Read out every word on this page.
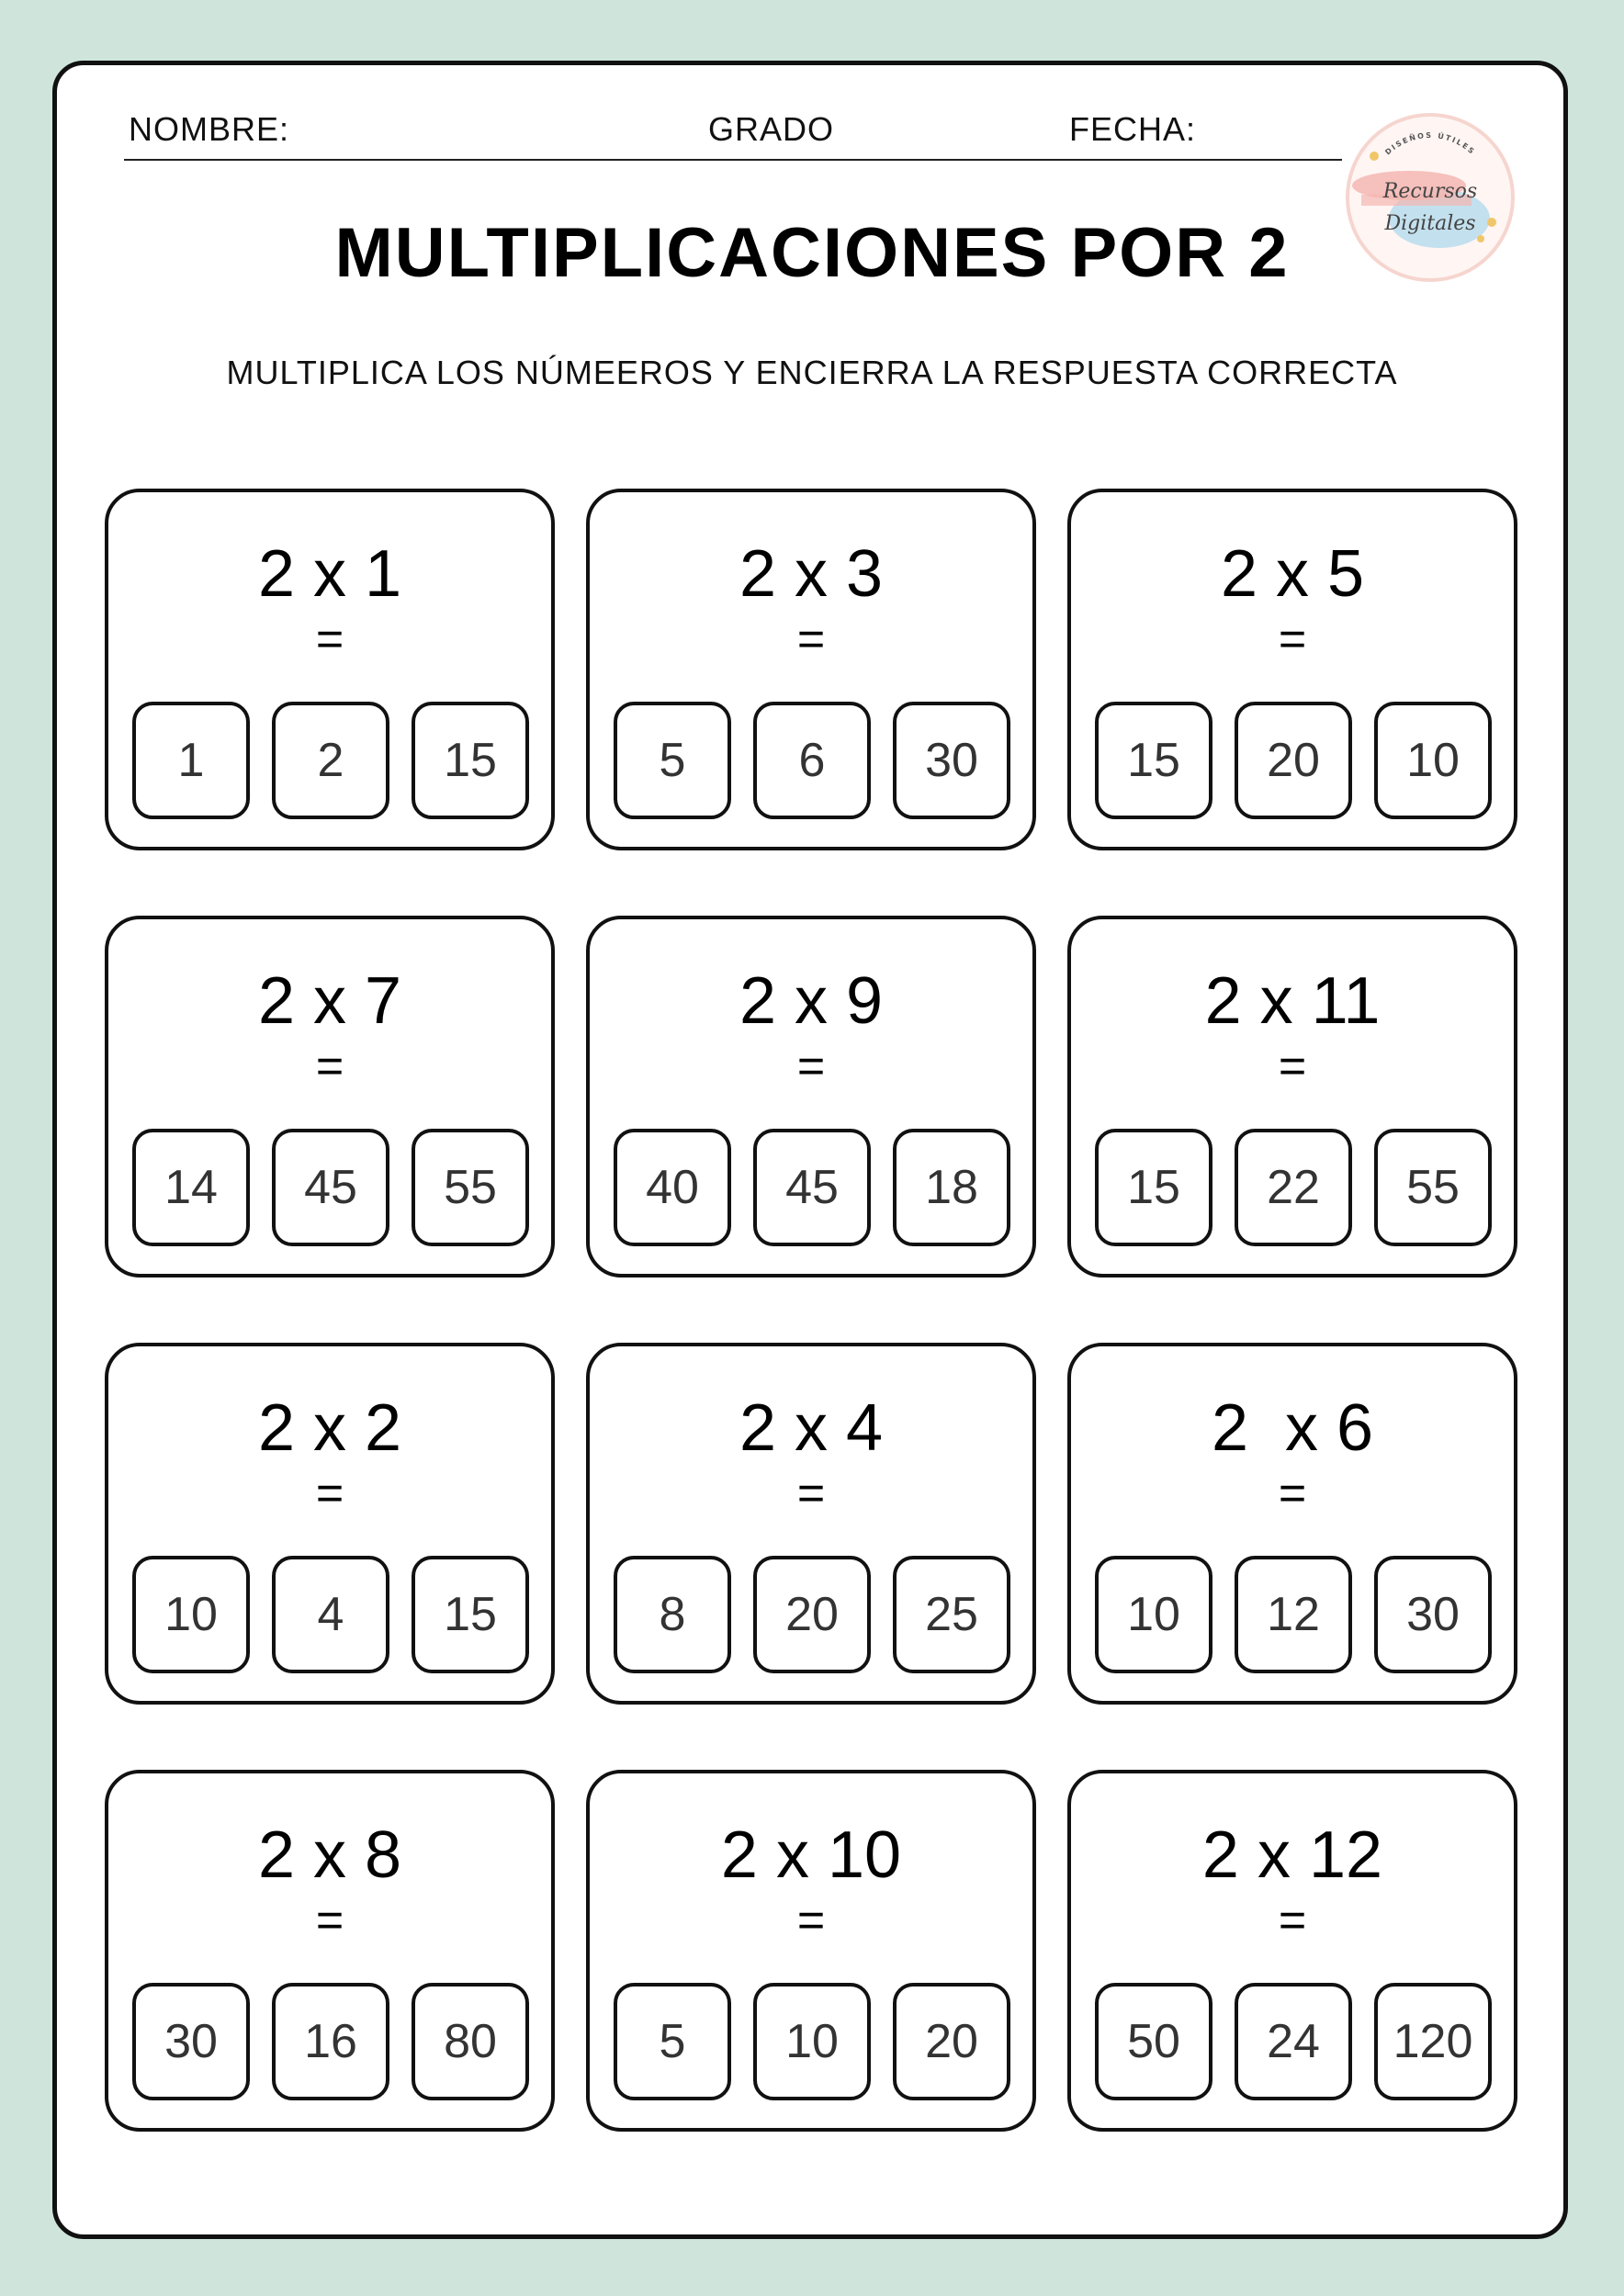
NOMBRE:	GRADO	FECHA:
DISEÑOS ÚTILES
Recursos
Digitales
MULTIPLICACIONES POR 2
MULTIPLICA LOS NÚMEEROS Y ENCIERRA LA RESPUESTA CORRECTA
2 x 1
=
1	2	15
2 x 3
=
5	6	30
2 x 5
=
15	20	10
2 x 7
=
14	45	55
2 x 9
=
40	45	18
2 x 11
=
15	22	55
2 x 2
=
10	4	15
2 x 4
=
8	20	25
2  x 6
=
10	12	30
2 x 8
=
30	16	80
2 x 10
=
5	10	20
2 x 12
=
50	24	120
